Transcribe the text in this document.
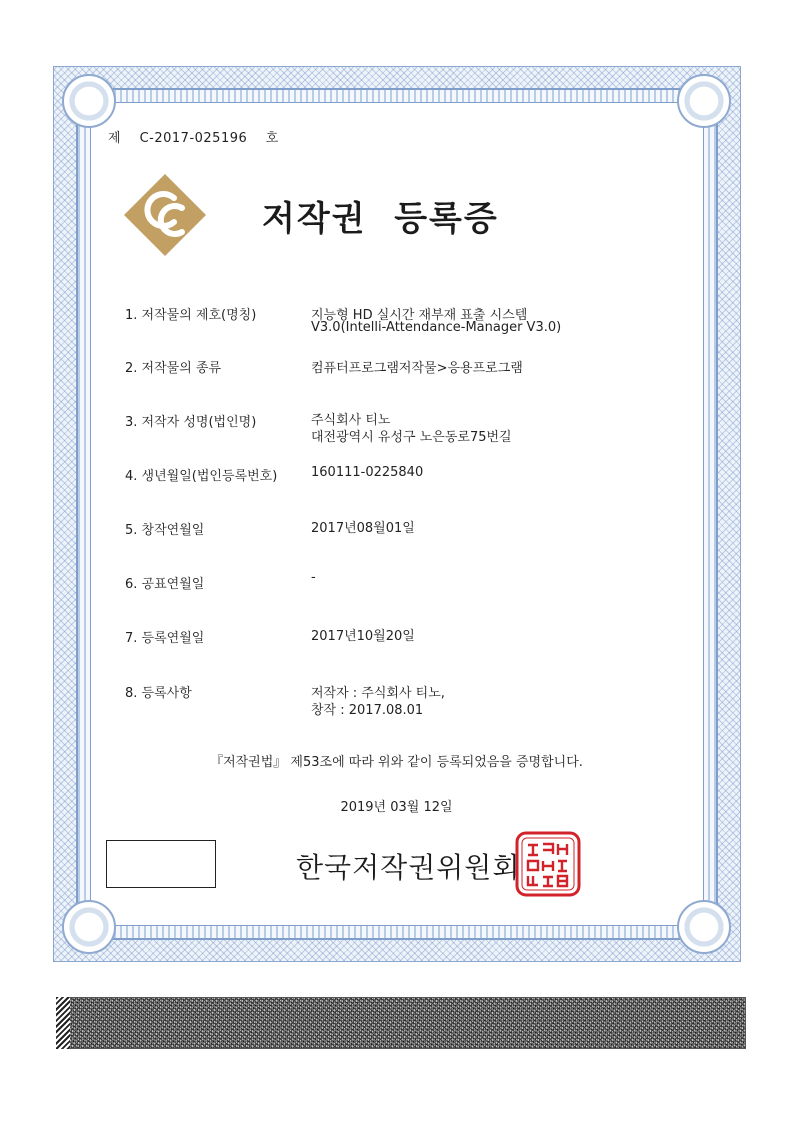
제    C-2017-025196    호
저작권  등록증
1. 저작물의 제호(명칭)	지능형 HD 실시간 재부재 표출 시스템
V3.0(Intelli-Attendance-Manager V3.0)
2. 저작물의 종류	컴퓨터프로그램저작물>응용프로그램
3. 저작자 성명(법인명)	주식회사 티노
대전광역시 유성구 노은동로75번길
4. 생년월일(법인등록번호)	160111-0225840
5. 창작연월일	2017년08월01일
6. 공표연월일	-
7. 등록연월일	2017년10월20일
8. 등록사항	저작자 : 주식회사 티노,
창작 : 2017.08.01
『저작권법』 제53조에 따라 위와 같이 등록되었음을 증명합니다.
2019년 03월 12일
한국저작권위원회
